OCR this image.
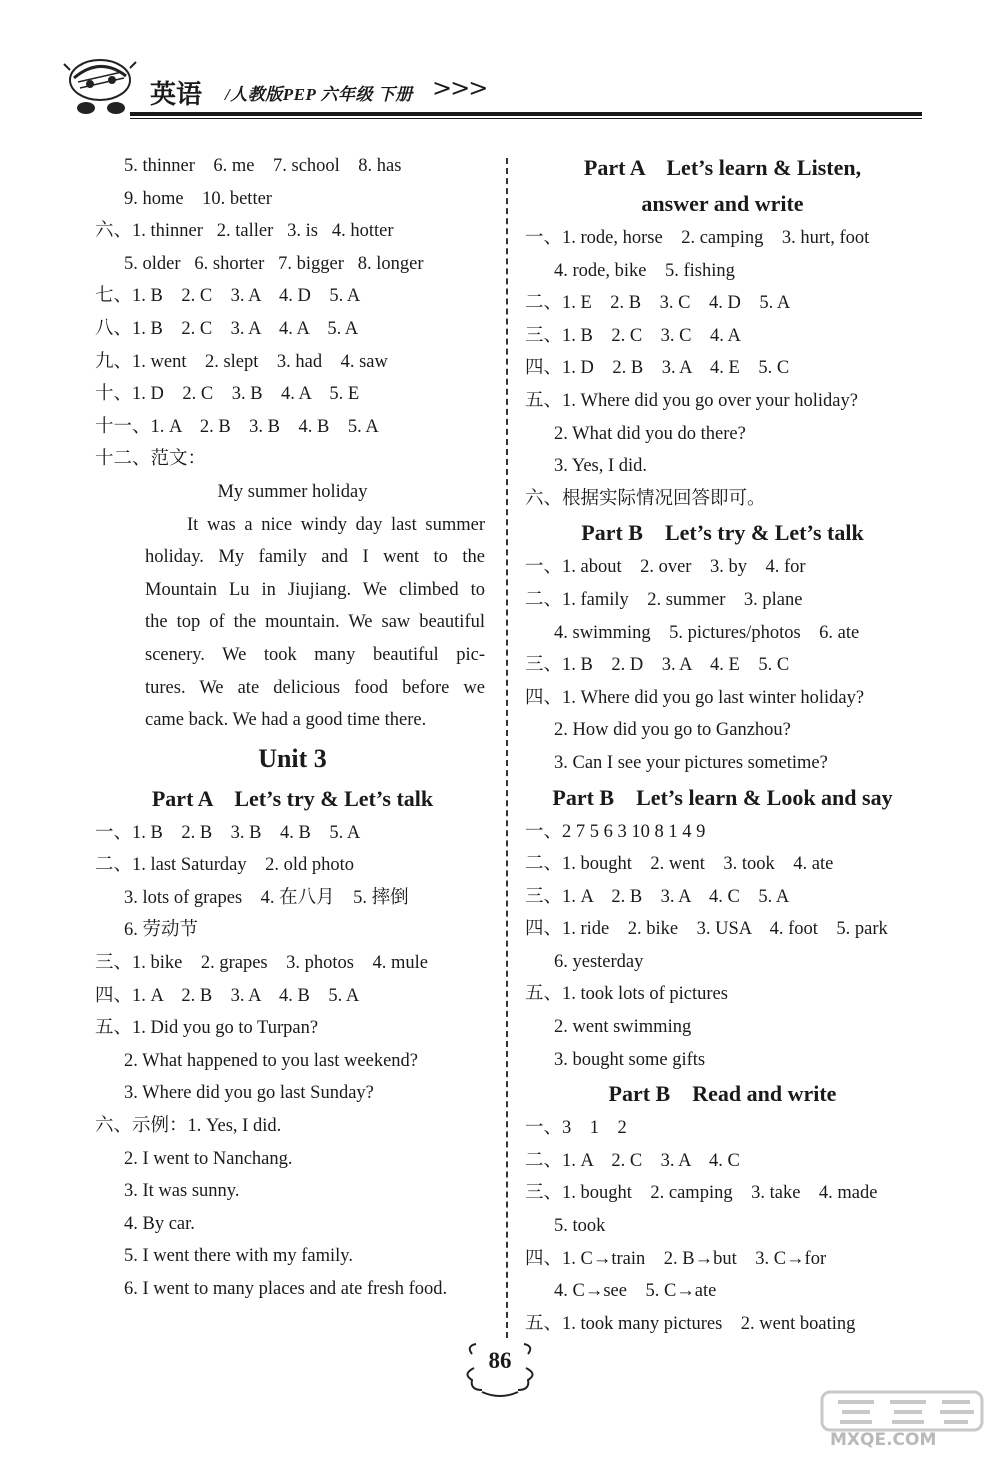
英语 /人教版PEP 六年级 下册 >>>
5. thinner    6. me    7. school    8. has
9. home    10. better
六、1. thinner   2. taller   3. is   4. hotter
5. older   6. shorter   7. bigger   8. longer
七、1. B    2. C    3. A    4. D    5. A
八、1. B    2. C    3. A    4. A    5. A
九、1. went    2. slept    3. had    4. saw
十、1. D    2. C    3. B    4. A    5. E
十一、1. A    2. B    3. B    4. B    5. A
十二、范文：
My summer holiday
It was a nice windy day last summer
holiday. My family and I went to the
Mountain Lu in Jiujiang. We climbed to
the top of the mountain. We saw beautiful
scenery. We took many beautiful pic-
tures. We ate delicious food before we
came back. We had a good time there.
Unit 3
Part A    Let’s try & Let’s talk
一、1. B    2. B    3. B    4. B    5. A
二、1. last Saturday    2. old photo
3. lots of grapes    4. 在八月    5. 摔倒
6. 劳动节
三、1. bike    2. grapes    3. photos    4. mule
四、1. A    2. B    3. A    4. B    5. A
五、1. Did you go to Turpan?
2. What happened to you last weekend?
3. Where did you go last Sunday?
六、示例：1. Yes, I did.
2. I went to Nanchang.
3. It was sunny.
4. By car.
5. I went there with my family.
6. I went to many places and ate fresh food.
Part A    Let’s learn & Listen,
answer and write
一、1. rode, horse    2. camping    3. hurt, foot
4. rode, bike    5. fishing
二、1. E    2. B    3. C    4. D    5. A
三、1. B    2. C    3. C    4. A
四、1. D    2. B    3. A    4. E    5. C
五、1. Where did you go over your holiday?
2. What did you do there?
3. Yes, I did.
六、根据实际情况回答即可。
Part B    Let’s try & Let’s talk
一、1. about    2. over    3. by    4. for
二、1. family    2. summer    3. plane
4. swimming    5. pictures/photos    6. ate
三、1. B    2. D    3. A    4. E    5. C
四、1. Where did you go last winter holiday?
2. How did you go to Ganzhou?
3. Can I see your pictures sometime?
Part B    Let’s learn & Look and say
一、2 7 5 6 3 10 8 1 4 9
二、1. bought    2. went    3. took    4. ate
三、1. A    2. B    3. A    4. C    5. A
四、1. ride    2. bike    3. USA    4. foot    5. park
6. yesterday
五、1. took lots of pictures
2. went swimming
3. bought some gifts
Part B    Read and write
一、3    1    2
二、1. A    2. C    3. A    4. C
三、1. bought    2. camping    3. take    4. made
5. took
四、1. C→train    2. B→but    3. C→for
4. C→see    5. C→ate
五、1. took many pictures    2. went boating
86
MXQE.COM
